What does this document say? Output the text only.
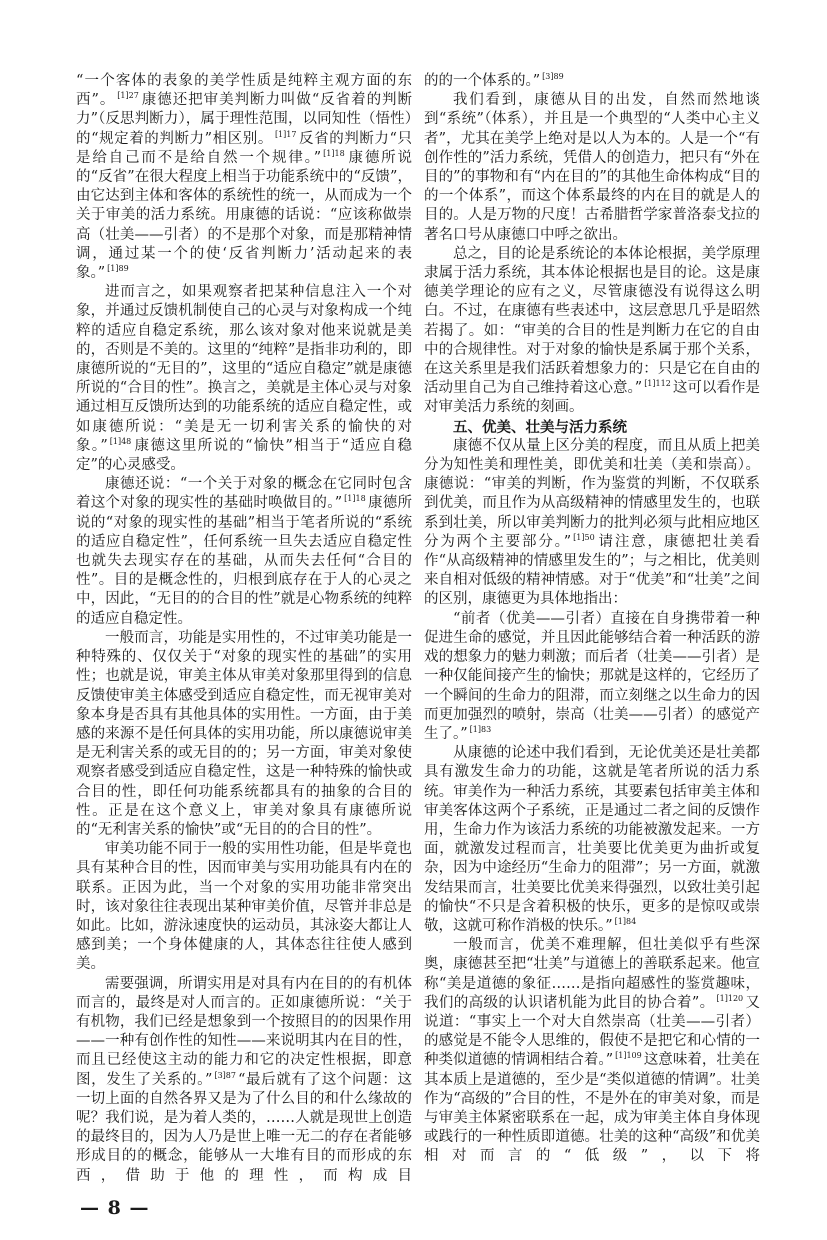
“一个客体的表象的美学性质是纯粹主观方面的东西”。 $^{[1]27}$ 康德还把审美判断力叫做“反省着的判断力”（反思判断力），属于理性范围，以同知性（悟性）的“规定着的判断力”相区别。 $^{[1]17}$ 反省的判断力“只是给自己而不是给自然一个规律。” $^{[1]18}$ 康德所说的“反省”在很大程度上相当于功能系统中的“反馈”，由它达到主体和客体的系统性的统一，从而成为一个关于审美的活力系统。用康德的话说：“应该称做崇高（壮美——引者）的不是那个对象，而是那精神情调，通过某一个的使‘反省判断力’活动起来的表象。” $^{[1]89}$

进而言之，如果观察者把某种信息注入一个对象，并通过反馈机制使自己的心灵与对象构成一个纯粹的适应自稳定系统，那么该对象对他来说就是美的，否则是不美的。这里的“纯粹”是指非功利的，即康德所说的“无目的”，这里的“适应自稳定”就是康德所说的“合目的性”。换言之，美就是主体心灵与对象通过相互反馈所达到的功能系统的适应自稳定性，或如康德所说：“美是无一切利害关系的愉快的对象。” $^{[1]48}$ 康德这里所说的“愉快”相当于“适应自稳定”的心灵感受。

康德还说：“一个关于对象的概念在它同时包含着这个对象的现实性的基础时唤做目的。” $^{[1]18}$ 康德所说的“对象的现实性的基础”相当于笔者所说的“系统的适应自稳定性”，任何系统一旦失去适应自稳定性也就失去现实存在的基础，从而失去任何“合目的性”。目的是概念性的，归根到底存在于人的心灵之中，因此，“无目的的合目的性”就是心物系统的纯粹的适应自稳定性。

一般而言，功能是实用性的，不过审美功能是一种特殊的、仅仅关于“对象的现实性的基础”的实用性；也就是说，审美主体从审美对象那里得到的信息反馈使审美主体感受到适应自稳定性，而无视审美对象本身是否具有其他具体的实用性。一方面，由于美感的来源不是任何具体的实用功能，所以康德说审美是无利害关系的或无目的的；另一方面，审美对象使观察者感受到适应自稳定性，这是一种特殊的愉快或合目的性，即任何功能系统都具有的抽象的合目的性。正是在这个意义上，审美对象具有康德所说的“无利害关系的愉快”或“无目的的合目的性”。

审美功能不同于一般的实用性功能，但是毕竟也具有某种合目的性，因而审美与实用功能具有内在的联系。正因为此，当一个对象的实用功能非常突出时，该对象往往表现出某种审美价值，尽管并非总是如此。比如，游泳速度快的运动员，其泳姿大都让人感到美；一个身体健康的人，其体态往往使人感到美。

需要强调，所谓实用是对具有内在目的的有机体而言的，最终是对人而言的。正如康德所说：“关于有机物，我们已经是想象到一个按照目的的因果作用——一种有创作性的知性——来说明其内在目的性，而且已经使这主动的能力和它的决定性根据，即意图，发生了关系的。” $^{[3]87}$ “最后就有了这个问题：这一切上面的自然各界又是为了什么目的和什么缘故的呢？我们说，是为着人类的，……人就是现世上创造的最终目的，因为人乃是世上唯一无二的存在者能够形成目的的概念，能够从一大堆有目的而形成的东西，借助于他的理性，而构成目

的的一个体系的。” $^{[3]89}$

我们看到，康德从目的出发，自然而然地谈到“系统”（体系），并且是一个典型的“人类中心主义者”，尤其在美学上绝对是以人为本的。人是一个“有创作性的”活力系统，凭借人的创造力，把只有“外在目的”的事物和有“内在目的”的其他生命体构成“目的的一个体系”，而这个体系最终的内在目的就是人的目的。人是万物的尺度！古希腊哲学家普洛泰戈拉的著名口号从康德口中呼之欲出。

总之，目的论是系统论的本体论根据，美学原理隶属于活力系统，其本体论根据也是目的论。这是康德美学理论的应有之义，尽管康德没有说得这么明白。不过，在康德有些表述中，这层意思几乎是昭然若揭了。如：“审美的合目的性是判断力在它的自由中的合规律性。对于对象的愉快是系属于那个关系，在这关系里是我们活跃着想象力的：只是它在自由的活动里自己为自己维持着这心意。” $^{[1]112}$ 这可以看作是对审美活力系统的刻画。

五、优美、壮美与活力系统

康德不仅从量上区分美的程度，而且从质上把美分为知性美和理性美，即优美和壮美（美和崇高）。康德说：“审美的判断，作为鉴赏的判断，不仅联系到优美，而且作为从高级精神的情感里发生的，也联系到壮美，所以审美判断力的批判必须与此相应地区分为两个主要部分。” $^{[1]50}$ 请注意，康德把壮美看作“从高级精神的情感里发生的”；与之相比，优美则来自相对低级的精神情感。对于“优美”和“壮美”之间的区别，康德更为具体地指出：

“前者（优美——引者）直接在自身携带着一种促进生命的感觉，并且因此能够结合着一种活跃的游戏的想象力的魅力刺激；而后者（壮美——引者）是一种仅能间接产生的愉快；那就是这样的，它经历了一个瞬间的生命力的阻滞，而立刻继之以生命力的因而更加强烈的喷射，崇高（壮美——引者）的感觉产生了。” $^{[1]83}$

从康德的论述中我们看到，无论优美还是壮美都具有激发生命力的功能，这就是笔者所说的活力系统。审美作为一种活力系统，其要素包括审美主体和审美客体这两个子系统，正是通过二者之间的反馈作用，生命力作为该活力系统的功能被激发起来。一方面，就激发过程而言，壮美要比优美更为曲折或复杂，因为中途经历“生命力的阻滞”；另一方面，就激发结果而言，壮美要比优美来得强烈，以致壮美引起的愉快“不只是含着积极的快乐，更多的是惊叹或崇敬，这就可称作消极的快乐。” $^{[1]84}$

一般而言，优美不难理解，但壮美似乎有些深奥，康德甚至把“壮美”与道德上的善联系起来。他宣称“美是道德的象征……是指向超感性的鉴赏趣味，我们的高级的认识诸机能为此目的协合着”。 $^{[1]120}$ 又说道：“事实上一个对大自然崇高（壮美——引者）的感觉是不能令人思维的，假使不是把它和心情的一种类似道德的情调相结合着。” $^{[1]109}$ 这意味着，壮美在其本质上是道德的，至少是“类似道德的情调”。壮美作为“高级的”合目的性，不是外在的审美对象，而是与审美主体紧密联系在一起，成为审美主体自身体现或践行的一种性质即道德。壮美的这种“高级”和优美相对而言的“低级”，以下将

— 8 —
